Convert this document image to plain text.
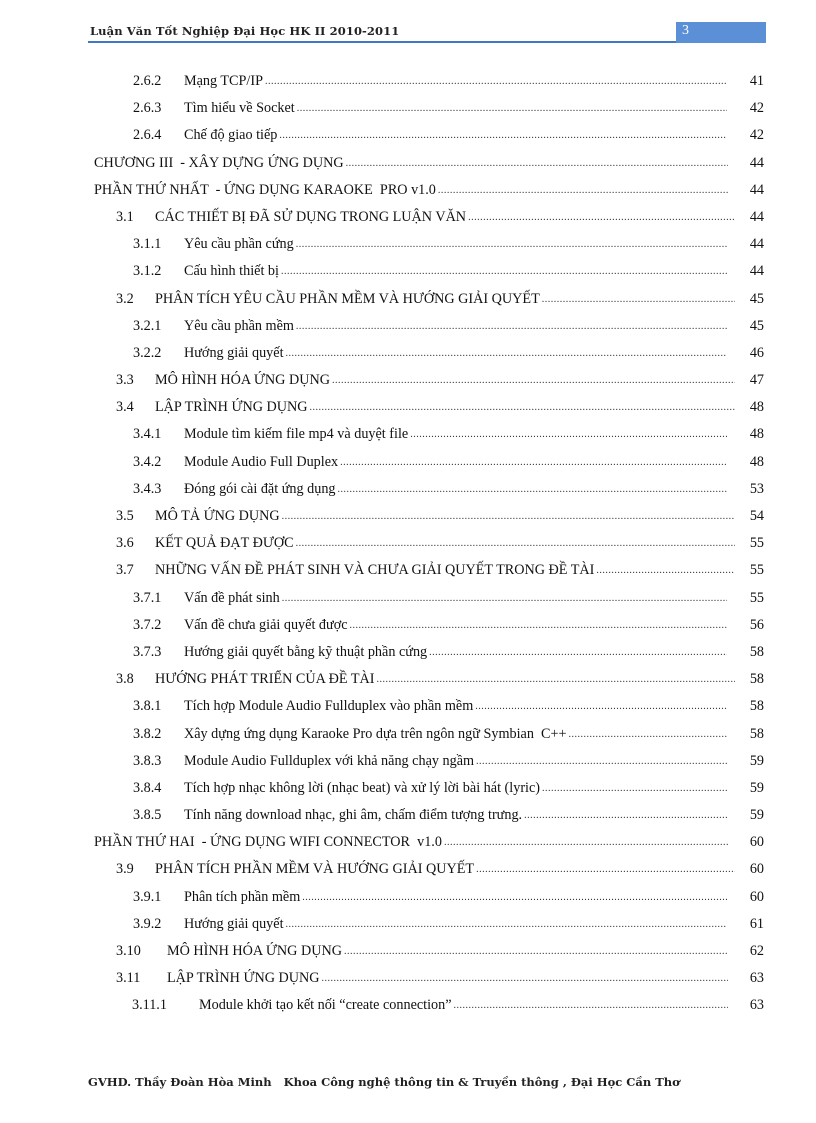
Luận Văn Tốt Nghiệp Đại Học HK II 2010-2011	3
2.6.2 Mạng TCP/IP .....	41
2.6.3 Tìm hiểu về Socket .....	42
2.6.4 Chế độ giao tiếp .....	42
CHƯƠNG III  - XÂY DỰNG ỨNG DỤNG .....	44
PHẦN THỨ NHẤT  - ỨNG DỤNG KARAOKE  PRO v1.0 .....	44
3.1 CÁC THIẾT BỊ ĐÃ SỬ DỤNG TRONG LUẬN VĂN .....	44
3.1.1 Yêu cầu phần cứng .....	44
3.1.2 Cấu hình thiết bị .....	44
3.2 PHÂN TÍCH YÊU CẦU PHẦN MỀM VÀ HƯỚNG GIẢI QUYẾT .....	45
3.2.1 Yêu cầu phần mềm .....	45
3.2.2 Hướng giải quyết .....	46
3.3 MÔ HÌNH HÓA ỨNG DỤNG .....	47
3.4 LẬP TRÌNH ỨNG DỤNG .....	48
3.4.1 Module tìm kiếm file mp4 và duyệt file .....	48
3.4.2 Module Audio Full Duplex .....	48
3.4.3 Đóng gói cài đặt ứng dụng .....	53
3.5 MÔ TẢ ỨNG DỤNG .....	54
3.6 KẾT QUẢ ĐẠT ĐƯỢC .....	55
3.7 NHỮNG VẤN ĐỀ PHÁT SINH VÀ CHƯA GIẢI QUYẾT TRONG ĐỀ TÀI .....	55
3.7.1 Vấn đề phát sinh .....	55
3.7.2 Vấn đề chưa giải quyết được .....	56
3.7.3 Hướng giải quyết bằng kỹ thuật phần cứng .....	58
3.8 HƯỚNG PHÁT TRIỂN CỦA ĐỀ TÀI .....	58
3.8.1 Tích hợp Module Audio Fullduplex vào phần mềm .....	58
3.8.2 Xây dựng ứng dụng Karaoke Pro dựa trên ngôn ngữ Symbian  C++ .....	58
3.8.3 Module Audio Fullduplex với khả năng chạy ngầm .....	59
3.8.4 Tích hợp nhạc không lời (nhạc beat) và xử lý lời bài hát (lyric) .....	59
3.8.5 Tính năng download nhạc, ghi âm, chấm điểm tượng trưng. .....	59
PHẦN THỨ HAI  - ỨNG DỤNG WIFI CONNECTOR  v1.0 .....	60
3.9 PHÂN TÍCH PHẦN MỀM VÀ HƯỚNG GIẢI QUYẾT .....	60
3.9.1 Phân tích phần mềm .....	60
3.9.2 Hướng giải quyết .....	61
3.10 MÔ HÌNH HÓA ỨNG DỤNG .....	62
3.11 LẬP TRÌNH ỨNG DỤNG .....	63
3.11.1 Module khởi tạo kết nối “create connection” .....	63
GVHD. Thầy Đoàn Hòa Minh Khoa Công nghệ thông tin & Truyền thông , Đại Học Cần Thơ
